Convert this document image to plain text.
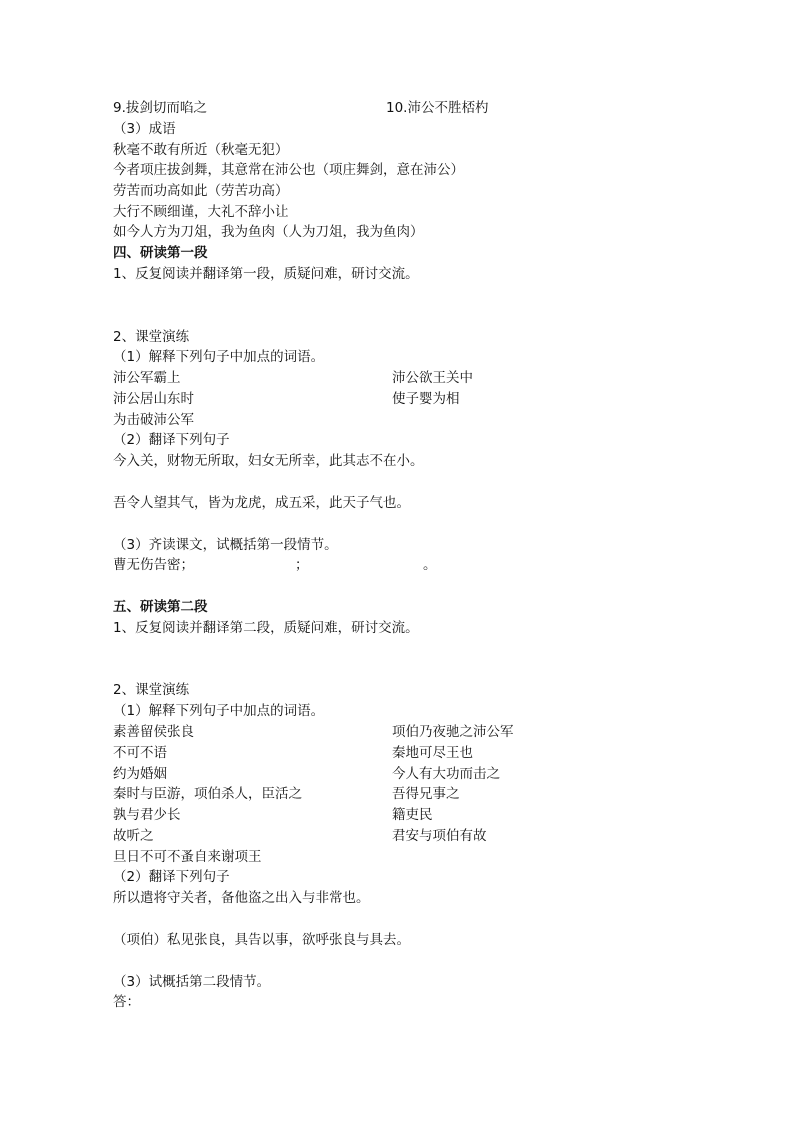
9.拔剑切而啗之	10.沛公不胜桮杓
（3）成语
秋毫不敢有所近（秋毫无犯）
今者项庄拔剑舞，其意常在沛公也（项庄舞剑，意在沛公）
劳苦而功高如此（劳苦功高）
大行不顾细谨，大礼不辞小让
如今人方为刀俎，我为鱼肉（人为刀俎，我为鱼肉）
四、研读第一段
1、反复阅读并翻译第一段，质疑问难，研讨交流。
2、课堂演练
（1）解释下列句子中加点的词语。
沛公军霸上	沛公欲王关中
沛公居山东时	使子婴为相
为击破沛公军
（2）翻译下列句子
今入关，财物无所取，妇女无所幸，此其志不在小。
吾令人望其气，皆为龙虎，成五采，此天子气也。
（3）齐读课文，试概括第一段情节。
曹无伤告密；	；	。
五、研读第二段
1、反复阅读并翻译第二段，质疑问难，研讨交流。
2、课堂演练
（1）解释下列句子中加点的词语。
素善留侯张良	项伯乃夜驰之沛公军
不可不语	秦地可尽王也
约为婚姻	今人有大功而击之
秦时与臣游，项伯杀人，臣活之	吾得兄事之
孰与君少长	籍吏民
故听之	君安与项伯有故
旦日不可不蚤自来谢项王
（2）翻译下列句子
所以遣将守关者，备他盗之出入与非常也。
（项伯）私见张良，具告以事，欲呼张良与具去。
（3）试概括第二段情节。
答：
